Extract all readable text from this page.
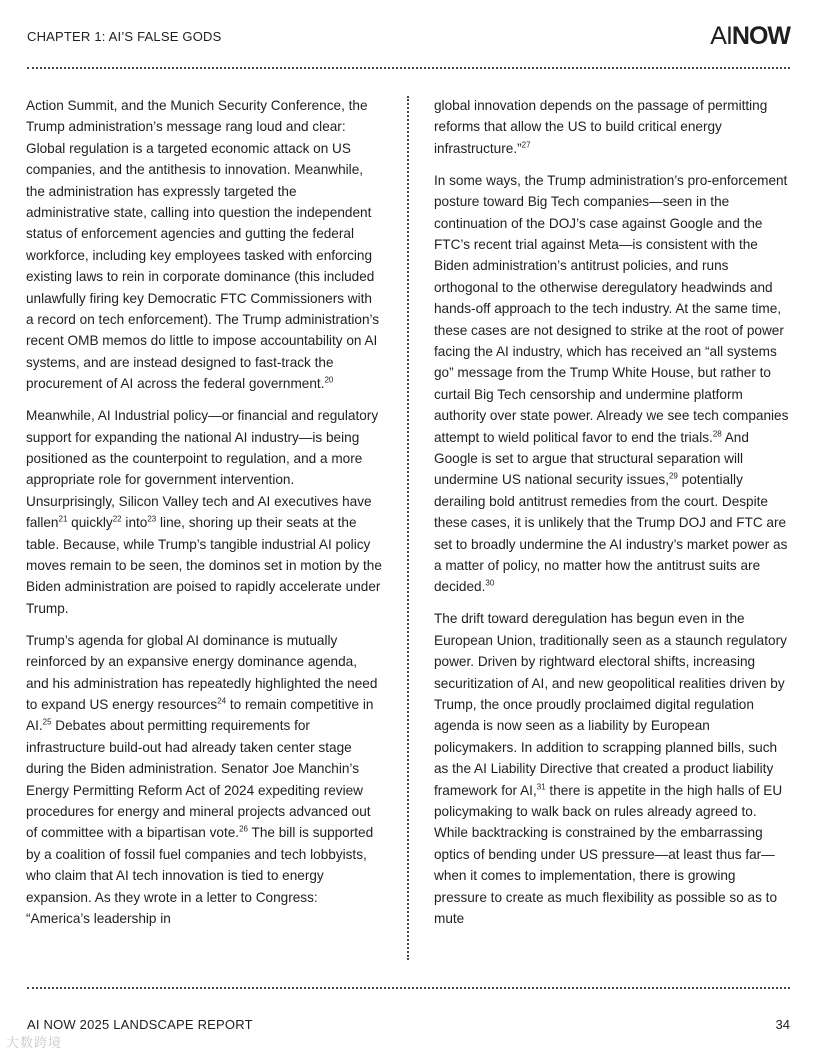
CHAPTER 1: AI’S FALSE GODS	AINOW

Action Summit, and the Munich Security Conference, the Trump administration’s message rang loud and clear: Global regulation is a targeted economic attack on US companies, and the antithesis to innovation. Meanwhile, the administration has expressly targeted the administrative state, calling into question the independent status of enforcement agencies and gutting the federal workforce, including key employees tasked with enforcing existing laws to rein in corporate dominance (this included unlawfully firing key Democratic FTC Commissioners with a record on tech enforcement). The Trump administration’s recent OMB memos do little to impose accountability on AI systems, and are instead designed to fast-track the procurement of AI across the federal government.$^{20}$

Meanwhile, AI Industrial policy—or financial and regulatory support for expanding the national AI industry—is being positioned as the counterpoint to regulation, and a more appropriate role for government intervention. Unsurprisingly, Silicon Valley tech and AI executives have fallen$^{21}$ quickly$^{22}$ into$^{23}$ line, shoring up their seats at the table. Because, while Trump’s tangible industrial AI policy moves remain to be seen, the dominos set in motion by the Biden administration are poised to rapidly accelerate under Trump.

Trump’s agenda for global AI dominance is mutually reinforced by an expansive energy dominance agenda, and his administration has repeatedly highlighted the need to expand US energy resources$^{24}$ to remain competitive in AI.$^{25}$ Debates about permitting requirements for infrastructure build-out had already taken center stage during the Biden administration. Senator Joe Manchin’s Energy Permitting Reform Act of 2024 expediting review procedures for energy and mineral projects advanced out of committee with a bipartisan vote.$^{26}$ The bill is supported by a coalition of fossil fuel companies and tech lobbyists, who claim that AI tech innovation is tied to energy expansion. As they wrote in a letter to Congress: “America’s leadership in

global innovation depends on the passage of permitting reforms that allow the US to build critical energy infrastructure.”$^{27}$

In some ways, the Trump administration’s pro-enforcement posture toward Big Tech companies—seen in the continuation of the DOJ’s case against Google and the FTC’s recent trial against Meta—is consistent with the Biden administration’s antitrust policies, and runs orthogonal to the otherwise deregulatory headwinds and hands-off approach to the tech industry. At the same time, these cases are not designed to strike at the root of power facing the AI industry, which has received an “all systems go” message from the Trump White House, but rather to curtail Big Tech censorship and undermine platform authority over state power. Already we see tech companies attempt to wield political favor to end the trials.$^{28}$ And Google is set to argue that structural separation will undermine US national security issues,$^{29}$ potentially derailing bold antitrust remedies from the court. Despite these cases, it is unlikely that the Trump DOJ and FTC are set to broadly undermine the AI industry’s market power as a matter of policy, no matter how the antitrust suits are decided.$^{30}$

The drift toward deregulation has begun even in the European Union, traditionally seen as a staunch regulatory power. Driven by rightward electoral shifts, increasing securitization of AI, and new geopolitical realities driven by Trump, the once proudly proclaimed digital regulation agenda is now seen as a liability by European policymakers. In addition to scrapping planned bills, such as the AI Liability Directive that created a product liability framework for AI,$^{31}$ there is appetite in the high halls of EU policymaking to walk back on rules already agreed to. While backtracking is constrained by the embarrassing optics of bending under US pressure—at least thus far—when it comes to implementation, there is growing pressure to create as much flexibility as possible so as to mute

AI NOW 2025 LANDSCAPE REPORT	34
大数跨境
